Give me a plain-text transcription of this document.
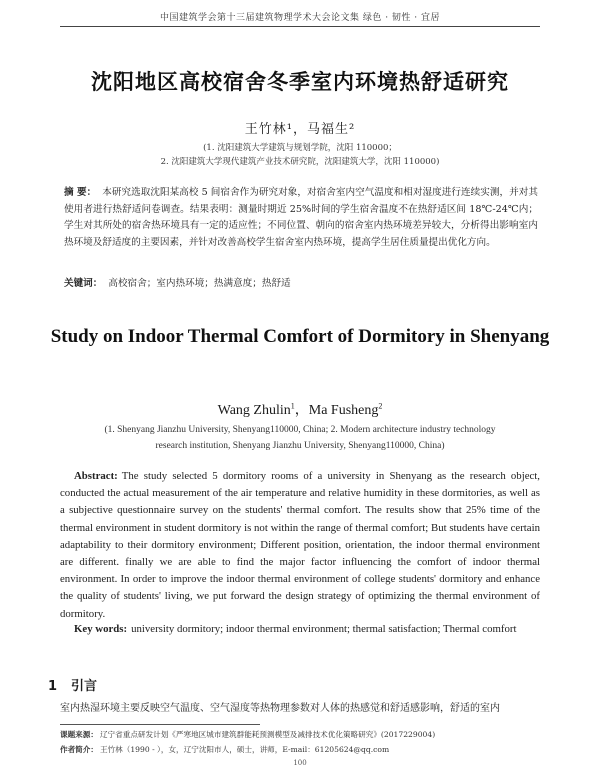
中国建筑学会第十三届建筑物理学术大会论文集 绿色 · 韧性 · 宜居
沈阳地区高校宿舍冬季室内环境热舒适研究
王竹林¹，马福生²
(1. 沈阳建筑大学建筑与规划学院，沈阳 110000；
2. 沈阳建筑大学现代建筑产业技术研究院，沈阳建筑大学，沈阳 110000)
摘 要： 本研究选取沈阳某高校 5 间宿舍作为研究对象，对宿舍室内空气温度和相对湿度进行连续实测，并对其使用者进行热舒适问卷调查。结果表明：测量时期近 25%时间的学生宿舍温度不在热舒适区间 18℃-24℃内；学生对其所处的宿舍热环境具有一定的适应性；不同位置、朝向的宿舍室内热环境差异较大，分析得出影响室内热环境及舒适度的主要因素，并针对改善高校学生宿舍室内热环境，提高学生居住质量提出优化方向。
关键词： 高校宿舍；室内热环境；热满意度；热舒适
Study on Indoor Thermal Comfort of Dormitory in Shenyang
Wang Zhulin$^1$，Ma Fusheng$^2$
(1. Shenyang Jianzhu University, Shenyang110000, China; 2. Modern architecture industry technology
research institution, Shenyang Jianzhu University, Shenyang110000, China)
Abstract: The study selected 5 dormitory rooms of a university in Shenyang as the research object, conducted the actual measurement of the air temperature and relative humidity in these dormitories, as well as a subjective questionnaire survey on the students' thermal comfort. The results show that 25% time of the thermal environment in student dormitory is not within the range of thermal comfort; But students have certain adaptability to their dormitory environment; Different position, orientation, the indoor thermal environment are different. finally we are able to find the major factor influencing the comfort of indoor thermal environment. In order to improve the indoor thermal environment of college students' dormitory and enhance the quality of students' living, we put forward the design strategy of optimizing the thermal environment of dormitory.
Key words: university dormitory; indoor thermal environment; thermal satisfaction; Thermal comfort
1 引言
室内热湿环境主要反映空气温度、空气湿度等热物理参数对人体的热感觉和舒适感影响，舒适的室内
课题来源： 辽宁省重点研发计划《严寒地区城市建筑群能耗预测模型及减排技术优化策略研究》(2017229004)
作者简介： 王竹林（1990 - ），女，辽宁沈阳市人，硕士，讲师，E-mail：61205624@qq.com
100
